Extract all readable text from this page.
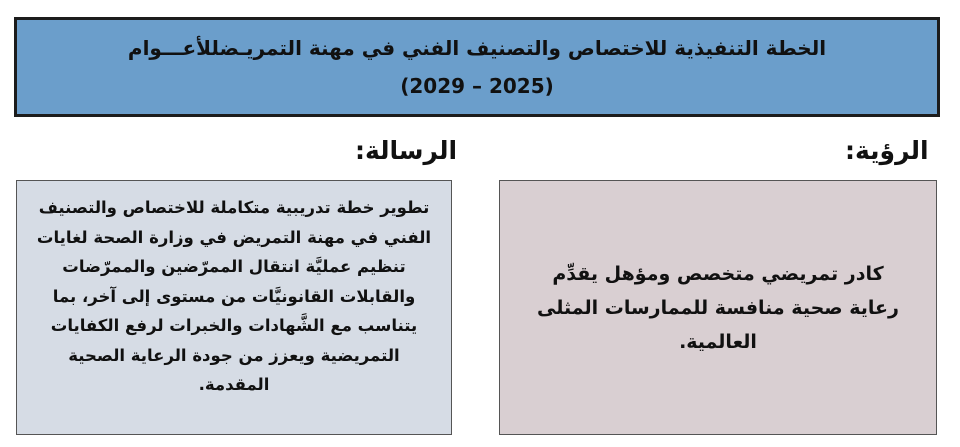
الخطة التنفيذية للاختصاص والتصنيف الفني في مهنة التمريـضللأعـــوام
(2025 – 2029)
الرسالة:	الرؤية:
تطوير خطة تدريبية متكاملة للاختصاص والتصنيف الفني في مهنة التمريض في وزارة الصحة لغايات تنظيم عمليَّة انتقال الممرّضين والممرّضات والقابلات القانونيَّات من مستوى إلى آخر، بما يتناسب مع الشَّهادات والخبرات لرفع الكفايات التمريضية ويعزز من جودة الرعاية الصحية المقدمة.
كادر تمريضي متخصص ومؤهل يقدِّم رعاية صحية منافسة للممارسات المثلى العالمية.
